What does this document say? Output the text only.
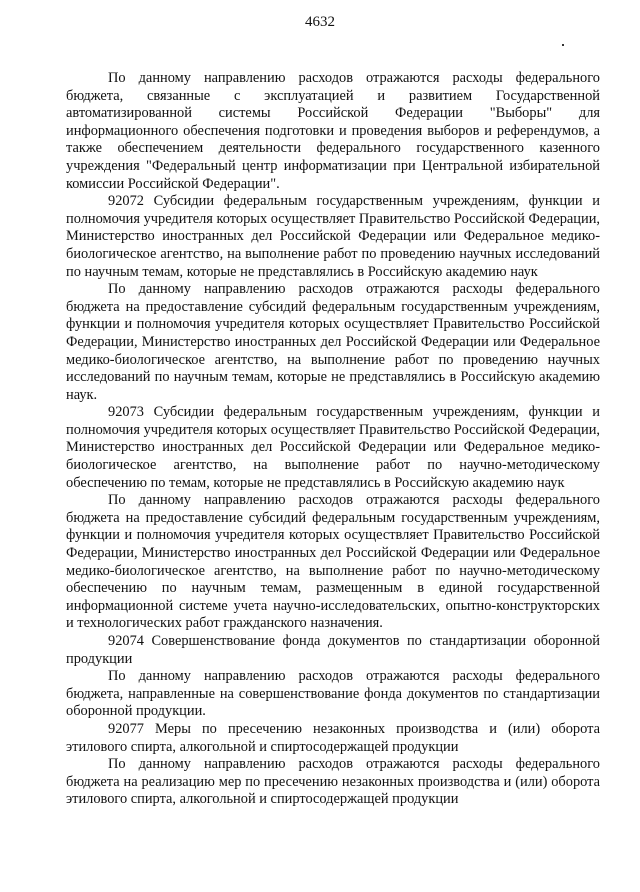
4632

По данному направлению расходов отражаются расходы федерального бюджета, связанные с эксплуатацией и развитием Государственной автоматизированной системы Российской Федерации "Выборы" для информационного обеспечения подготовки и проведения выборов и референдумов, а также обеспечением деятельности федерального государственного казенного учреждения "Федеральный центр информатизации при Центральной избирательной комиссии Российской Федерации".

92072 Субсидии федеральным государственным учреждениям, функции и полномочия учредителя которых осуществляет Правительство Российской Федерации, Министерство иностранных дел Российской Федерации или Федеральное медико-биологическое агентство, на выполнение работ по проведению научных исследований по научным темам, которые не представлялись в Российскую академию наук

По данному направлению расходов отражаются расходы федерального бюджета на предоставление субсидий федеральным государственным учреждениям, функции и полномочия учредителя которых осуществляет Правительство Российской Федерации, Министерство иностранных дел Российской Федерации или Федеральное медико-биологическое агентство, на выполнение работ по проведению научных исследований по научным темам, которые не представлялись в Российскую академию наук.

92073 Субсидии федеральным государственным учреждениям, функции и полномочия учредителя которых осуществляет Правительство Российской Федерации, Министерство иностранных дел Российской Федерации или Федеральное медико-биологическое агентство, на выполнение работ по научно-методическому обеспечению по темам, которые не представлялись в Российскую академию наук

По данному направлению расходов отражаются расходы федерального бюджета на предоставление субсидий федеральным государственным учреждениям, функции и полномочия учредителя которых осуществляет Правительство Российской Федерации, Министерство иностранных дел Российской Федерации или Федеральное медико-биологическое агентство, на выполнение работ по научно-методическому обеспечению по научным темам, размещенным в единой государственной информационной системе учета научно-исследовательских, опытно-конструкторских и технологических работ гражданского назначения.

92074 Совершенствование фонда документов по стандартизации оборонной продукции

По данному направлению расходов отражаются расходы федерального бюджета, направленные на совершенствование фонда документов по стандартизации оборонной продукции.

92077 Меры по пресечению незаконных производства и (или) оборота этилового спирта, алкогольной и спиртосодержащей продукции

По данному направлению расходов отражаются расходы федерального бюджета на реализацию мер по пресечению незаконных производства и (или) оборота этилового спирта, алкогольной и спиртосодержащей продукции
